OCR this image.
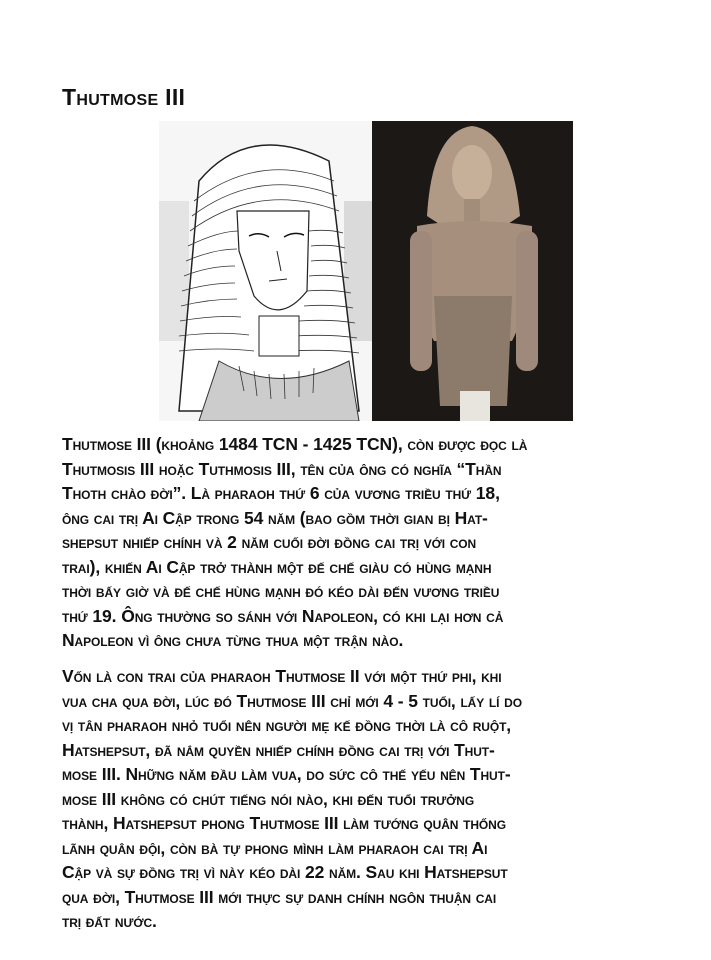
Thutmose III
Thutmose III (khoảng 1484 TCN - 1425 TCN), còn được đọc là
Thutmosis III hoặc Tuthmosis III, tên của ông có nghĩa “Thần
Thoth chào đời”. Là pharaoh thứ 6 của vương triều thứ 18,
ông cai trị Ai Cập trong 54 năm (bao gồm thời gian bị Hat-
shepsut nhiếp chính và 2 năm cuối đời đồng cai trị với con
trai), khiến Ai Cập trở thành một đế chế giàu có hùng mạnh
thời bấy giờ và đế chế hùng mạnh đó kéo dài đến vương triều
thứ 19. Ông thường so sánh với Napoleon, có khi lại hơn cả
Napoleon vì ông chưa từng thua một trận nào.
Vốn là con trai của pharaoh Thutmose II với một thứ phi, khi
vua cha qua đời, lúc đó Thutmose III chỉ mới 4 - 5 tuổi, lấy lí do
vị tân pharaoh nhỏ tuổi nên người mẹ kế đồng thời là cô ruột,
Hatshepsut, đã nắm quyền nhiếp chính đồng cai trị với Thut-
mose III. Những năm đầu làm vua, do sức cô thế yếu nên Thut-
mose III không có chút tiếng nói nào, khi đến tuổi trưởng
thành, Hatshepsut phong Thutmose III làm tướng quân thống
lãnh quân đội, còn bà tự phong mình làm pharaoh cai trị Ai
Cập và sự đồng trị vì này kéo dài 22 năm. Sau khi Hatshepsut
qua đời, Thutmose III mới thực sự danh chính ngôn thuận cai
trị đất nước.
